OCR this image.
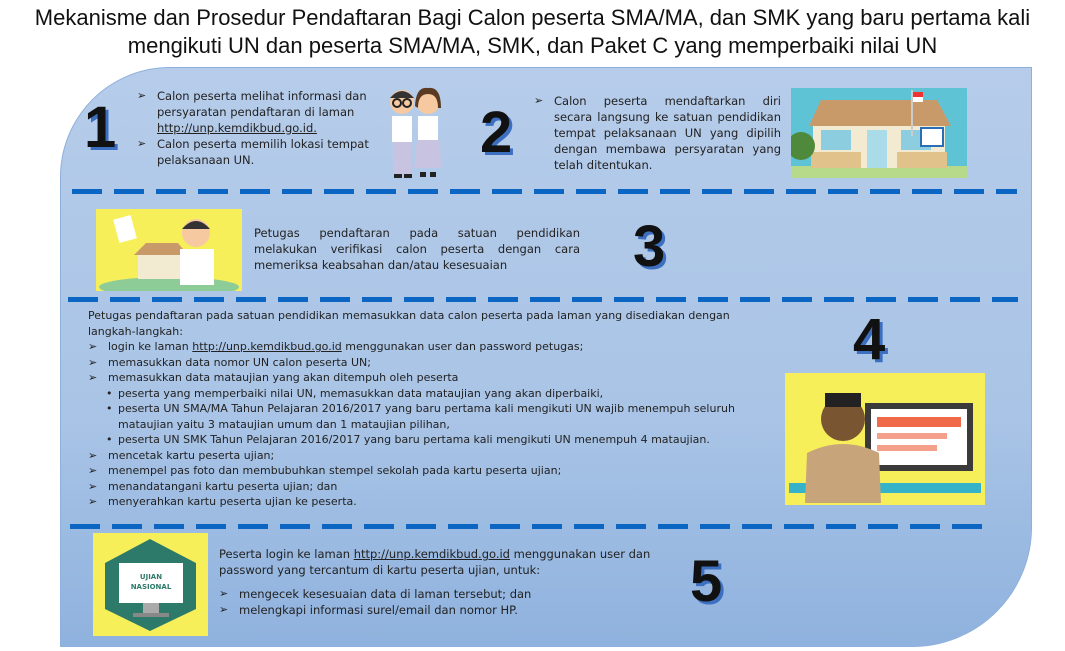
Mekanisme dan Prosedur Pendaftaran Bagi Calon peserta SMA/MA, dan SMK yang baru pertama kali
mengikuti UN dan peserta SMA/MA, SMK, dan Paket C yang memperbaiki nilai UN
1	➢ Calon peserta melihat informasi dan persyaratan pendaftaran di laman http://unp.kemdikbud.go.id.
➢ Calon peserta memilih lokasi tempat pelaksanaan UN.	2	➢ Calon peserta mendaftarkan diri secara langsung ke satuan pendidikan tempat pelaksanaan UN yang dipilih dengan membawa persyaratan yang telah ditentukan.
Petugas pendaftaran pada satuan pendidikan melakukan verifikasi calon peserta dengan cara memeriksa keabsahan dan/atau kesesuaian	3
Petugas pendaftaran pada satuan pendidikan memasukkan data calon peserta pada laman yang disediakan dengan langkah-langkah:
➢ login ke laman http://unp.kemdikbud.go.id menggunakan user dan password petugas;
➢ memasukkan data nomor UN calon peserta UN;
➢ memasukkan data mataujian yang akan ditempuh oleh peserta
• peserta yang memperbaiki nilai UN, memasukkan data mataujian yang akan diperbaiki,
• peserta UN SMA/MA Tahun Pelajaran 2016/2017 yang baru pertama kali mengikuti UN wajib menempuh seluruh mataujian yaitu 3 mataujian umum dan 1 mataujian pilihan,
• peserta UN SMK Tahun Pelajaran 2016/2017 yang baru pertama kali mengikuti UN menempuh 4 mataujian.
➢ mencetak kartu peserta ujian;
➢ menempel pas foto dan membubuhkan stempel sekolah pada kartu peserta ujian;
➢ menandatangani kartu peserta ujian; dan
➢ menyerahkan kartu peserta ujian ke peserta.
4
UJIAN
NASIONAL
Peserta login ke laman http://unp.kemdikbud.go.id menggunakan user dan password yang tercantum di kartu peserta ujian, untuk:
➢ mengecek kesesuaian data di laman tersebut; dan
➢ melengkapi informasi surel/email dan nomor HP.	5
